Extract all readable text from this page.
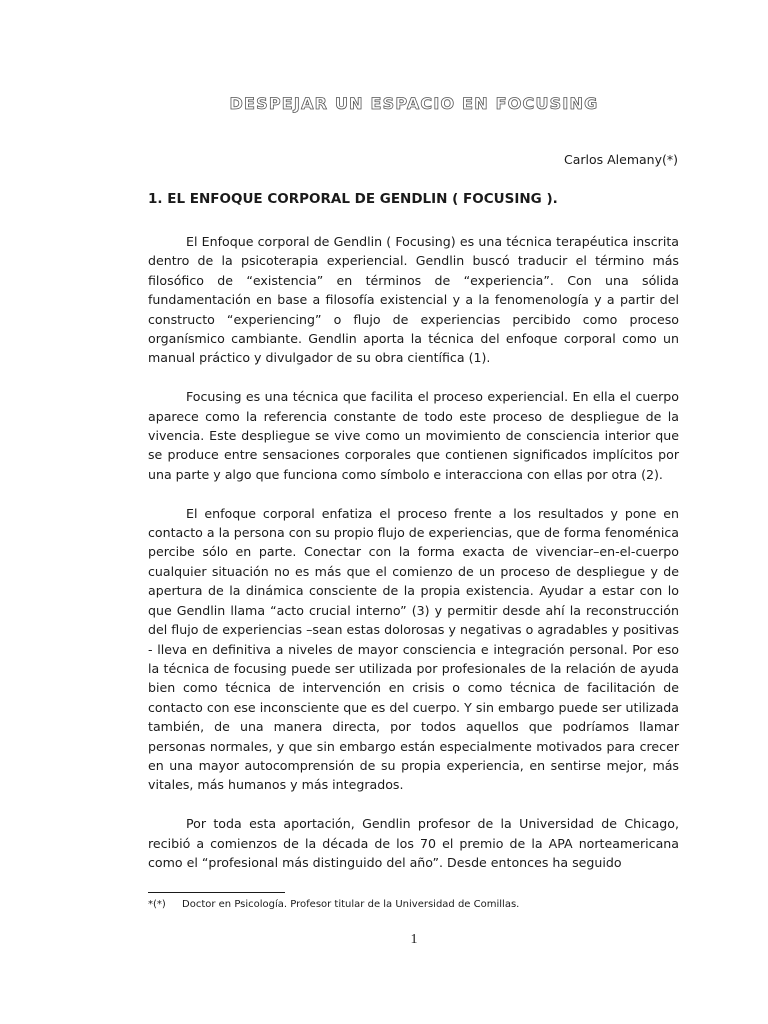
DESPEJAR UN ESPACIO EN FOCUSING
Carlos Alemany(*)
1. EL ENFOQUE CORPORAL DE GENDLIN ( FOCUSING ).

El Enfoque corporal de Gendlin ( Focusing) es una técnica terapéutica inscrita dentro de la psicoterapia experiencial. Gendlin buscó traducir el término más filosófico de “existencia” en términos de “experiencia”. Con una sólida fundamentación en base a filosofía existencial y a la fenomenología y a partir del constructo “experiencing” o flujo de experiencias percibido como proceso organísmico cambiante. Gendlin aporta la técnica del enfoque corporal como un manual práctico y divulgador de su obra científica (1).

Focusing es una técnica que facilita el proceso experiencial. En ella el cuerpo aparece como la referencia constante de todo este proceso de despliegue de la vivencia. Este despliegue se vive como un movimiento de consciencia interior que se produce entre sensaciones corporales que contienen significados implícitos por una parte y algo que funciona como símbolo e interacciona con ellas por otra (2).

El enfoque corporal enfatiza el proceso frente a los resultados y pone en contacto a la persona con su propio flujo de experiencias, que de forma fenoménica percibe sólo en parte. Conectar con la forma exacta de vivenciar–en-el-cuerpo cualquier situación no es más que el comienzo de un proceso de despliegue y de apertura de la dinámica consciente de la propia existencia. Ayudar a estar con lo que Gendlin llama “acto crucial interno” (3) y permitir desde ahí la reconstrucción del flujo de experiencias –sean estas dolorosas y negativas o agradables y positivas - lleva en definitiva a niveles de mayor consciencia e integración personal. Por eso la técnica de focusing puede ser utilizada por profesionales de la relación de ayuda bien como técnica de intervención en crisis o como técnica de facilitación de contacto con ese inconsciente que es del cuerpo. Y sin embargo puede ser utilizada también, de una manera directa, por todos aquellos que podríamos llamar personas normales, y que sin embargo están especialmente motivados para crecer en una mayor autocomprensión de su propia experiencia, en sentirse mejor, más vitales, más humanos y más integrados.

Por toda esta aportación, Gendlin profesor de la Universidad de Chicago, recibió a comienzos de la década de los 70 el premio de la APA norteamericana como el “profesional más distinguido del año”. Desde entonces ha seguido

*(*) Doctor en Psicología. Profesor titular de la Universidad de Comillas.
1
